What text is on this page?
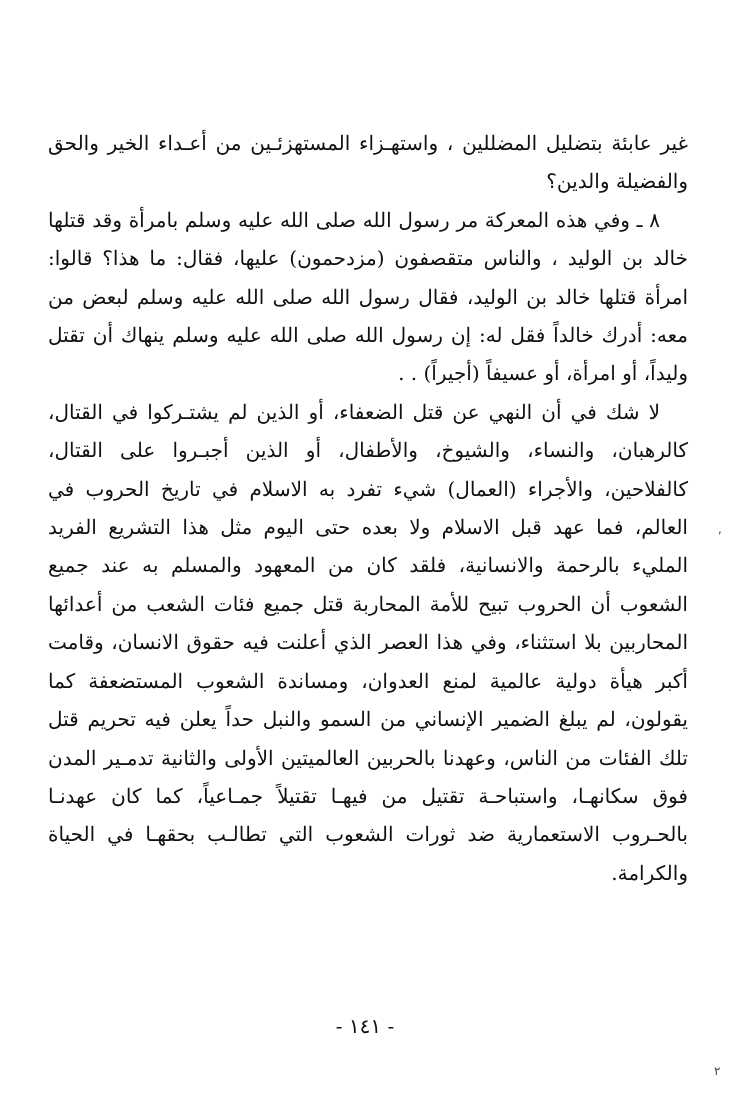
غير عابئة بتضليل المضللين ، واستهـزاء المستهزئـين من أعـداء الخير والحق والفضيلة والدين؟

٨ ـ وفي هذه المعركة مر رسول الله صلى الله عليه وسلم بامرأة وقد قتلها خالد بن الوليد ، والناس متقصفون (مزدحمون) عليها، فقال: ما هذا؟ قالوا: امرأة قتلها خالد بن الوليد، فقال رسول الله صلى الله عليه وسلم لبعض من معه: أدرك خالداً فقل له: إن رسول الله صلى الله عليه وسلم ينهاك أن تقتل وليداً، أو امرأة، أو عسيفاً (أجيراً) . .

لا شك في أن النهي عن قتل الضعفاء، أو الذين لم يشتـركوا في القتال، كالرهبان، والنساء، والشيوخ، والأطفال، أو الذين أجبـروا على القتال، كالفلاحين، والأجراء (العمال) شيء تفرد به الاسلام في تاريخ الحروب في العالم، فما عهد قبل الاسلام ولا بعده حتى اليوم مثل هذا التشريع الفريد المليء بالرحمة والانسانية، فلقد كان من المعهود والمسلم به عند جميع الشعوب أن الحروب تبيح للأمة المحاربة قتل جميع فئات الشعب من أعدائها المحاربين بلا استثناء، وفي هذا العصر الذي أعلنت فيه حقوق الانسان، وقامت أكبر هيأة دولية عالمية لمنع العدوان، ومساندة الشعوب المستضعفة كما يقولون، لم يبلغ الضمير الإنساني من السمو والنبل حداً يعلن فيه تحريم قتل تلك الفئات من الناس، وعهدنا بالحربين العالميتين الأولى والثانية تدمـير المدن فوق سكانهـا، واستباحـة تقتيل من فيهـا تقتيلاً جمـاعياً، كما كان عهدنـا بالحـروب الاستعمارية ضد ثورات الشعوب التي تطالـب بحقهـا في الحياة والكرامة.

- ١٤١ -
,
٢
